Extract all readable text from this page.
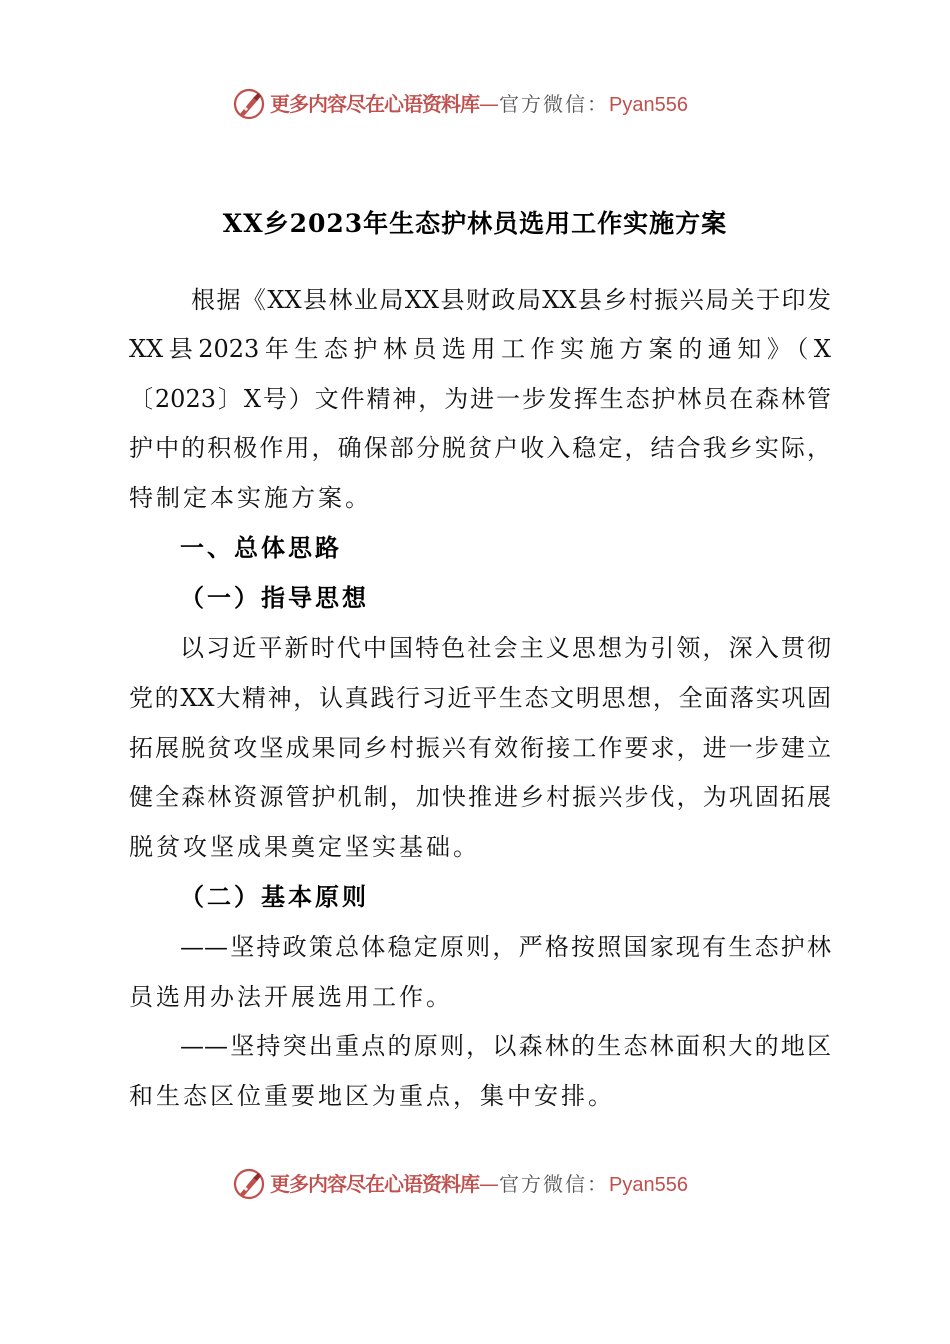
更多内容尽在心语资料库—官方微信：Pyan556
XX乡2023年生态护林员选用工作实施方案
根据《XX县林业局XX县财政局XX县乡村振兴局关于印发
XX县2023年生态护林员选用工作实施方案的通知》（X
〔2023〕X号）文件精神，为进一步发挥生态护林员在森林管
护中的积极作用，确保部分脱贫户收入稳定，结合我乡实际，
特制定本实施方案。
一、总体思路
（一）指导思想
以习近平新时代中国特色社会主义思想为引领，深入贯彻
党的XX大精神，认真践行习近平生态文明思想，全面落实巩固
拓展脱贫攻坚成果同乡村振兴有效衔接工作要求，进一步建立
健全森林资源管护机制，加快推进乡村振兴步伐，为巩固拓展
脱贫攻坚成果奠定坚实基础。
（二）基本原则
——坚持政策总体稳定原则，严格按照国家现有生态护林
员选用办法开展选用工作。
——坚持突出重点的原则，以森林的生态林面积大的地区
和生态区位重要地区为重点，集中安排。
更多内容尽在心语资料库—官方微信：Pyan556
